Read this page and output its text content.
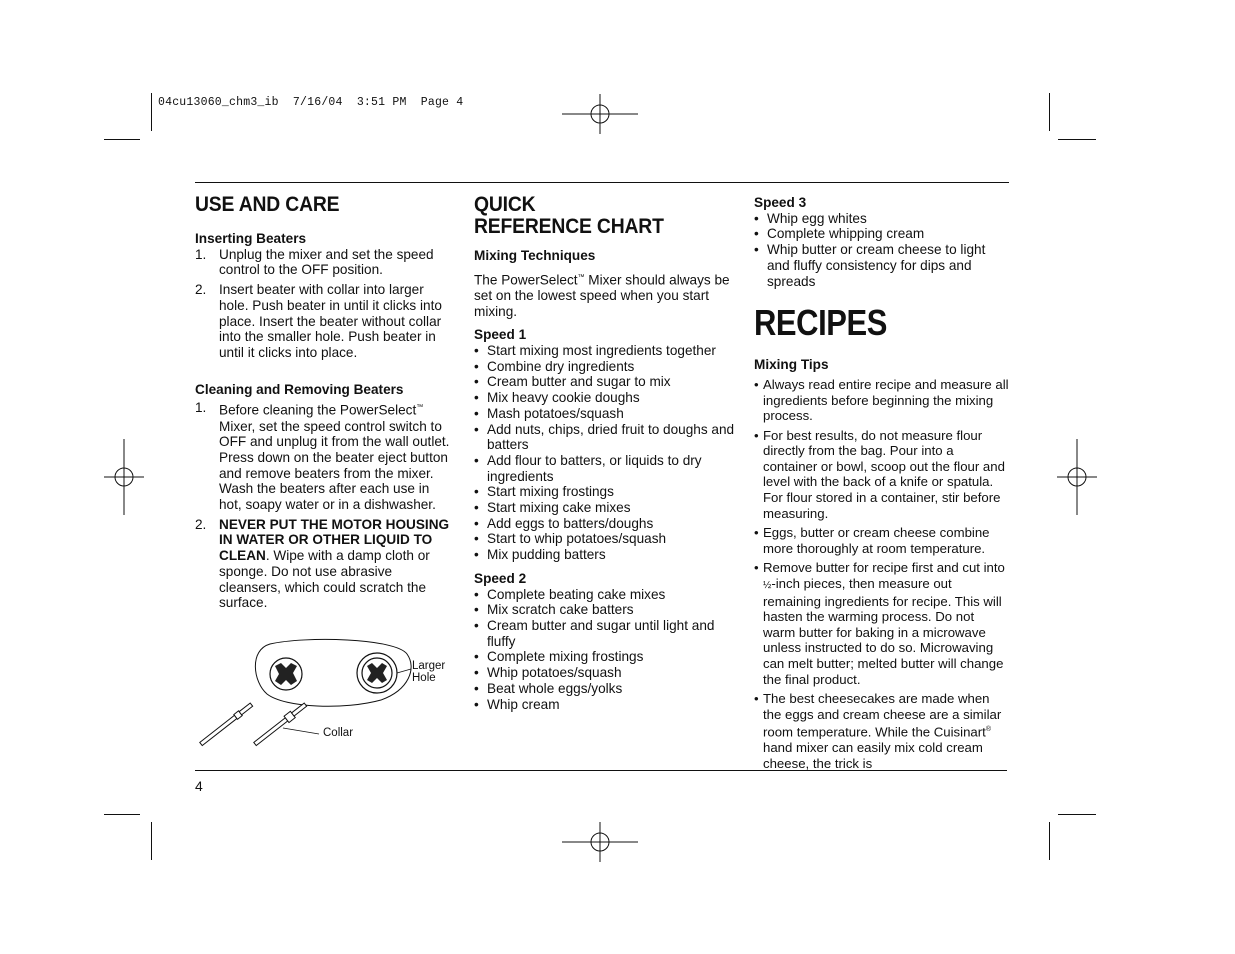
04cu13060_chm3_ib  7/16/04  3:51 PM  Page 4
USE AND CARE
Inserting Beaters
1. Unplug the mixer and set the speed control to the OFF position.
2. Insert beater with collar into larger hole. Push beater in until it clicks into place. Insert the beater without collar into the smaller hole. Push beater in until it clicks into place.
Cleaning and Removing Beaters
1. Before cleaning the PowerSelect™ Mixer, set the speed control switch to OFF and unplug it from the wall outlet. Press down on the beater eject button and remove beaters from the mixer. Wash the beaters after each use in hot, soapy water or in a dishwasher.
2. NEVER PUT THE MOTOR HOUSING IN WATER OR OTHER LIQUID TO CLEAN. Wipe with a damp cloth or sponge. Do not use abrasive cleansers, which could scratch the surface.
Larger
Hole
Collar
QUICK
REFERENCE CHART
Mixing Techniques

The PowerSelect™ Mixer should always be set on the lowest speed when you start mixing.

Speed 1
• Start mixing most ingredients together
• Combine dry ingredients
• Cream butter and sugar to mix
• Mix heavy cookie doughs
• Mash potatoes/squash
• Add nuts, chips, dried fruit to doughs and batters
• Add flour to batters, or liquids to dry ingredients
• Start mixing frostings
• Start mixing cake mixes
• Add eggs to batters/doughs
• Start to whip potatoes/squash
• Mix pudding batters
Speed 2
• Complete beating cake mixes
• Mix scratch cake batters
• Cream butter and sugar until light and fluffy
• Complete mixing frostings
• Whip potatoes/squash
• Beat whole eggs/yolks
• Whip cream
Speed 3
• Whip egg whites
• Complete whipping cream
• Whip butter or cream cheese to light and fluffy consistency for dips and spreads
RECIPES
Mixing Tips
• Always read entire recipe and measure all ingredients before beginning the mixing process.
• For best results, do not measure flour directly from the bag. Pour into a container or bowl, scoop out the flour and level with the back of a knife or spatula. For flour stored in a container, stir before measuring.
• Eggs, butter or cream cheese combine more thoroughly at room temperature.
• Remove butter for recipe first and cut into ½-inch pieces, then measure out remaining ingredients for recipe. This will hasten the warming process. Do not warm butter for baking in a microwave unless instructed to do so. Microwaving can melt butter; melted butter will change the final product.
• The best cheesecakes are made when the eggs and cream cheese are a similar room temperature. While the Cuisinart® hand mixer can easily mix cold cream cheese, the trick is
4
